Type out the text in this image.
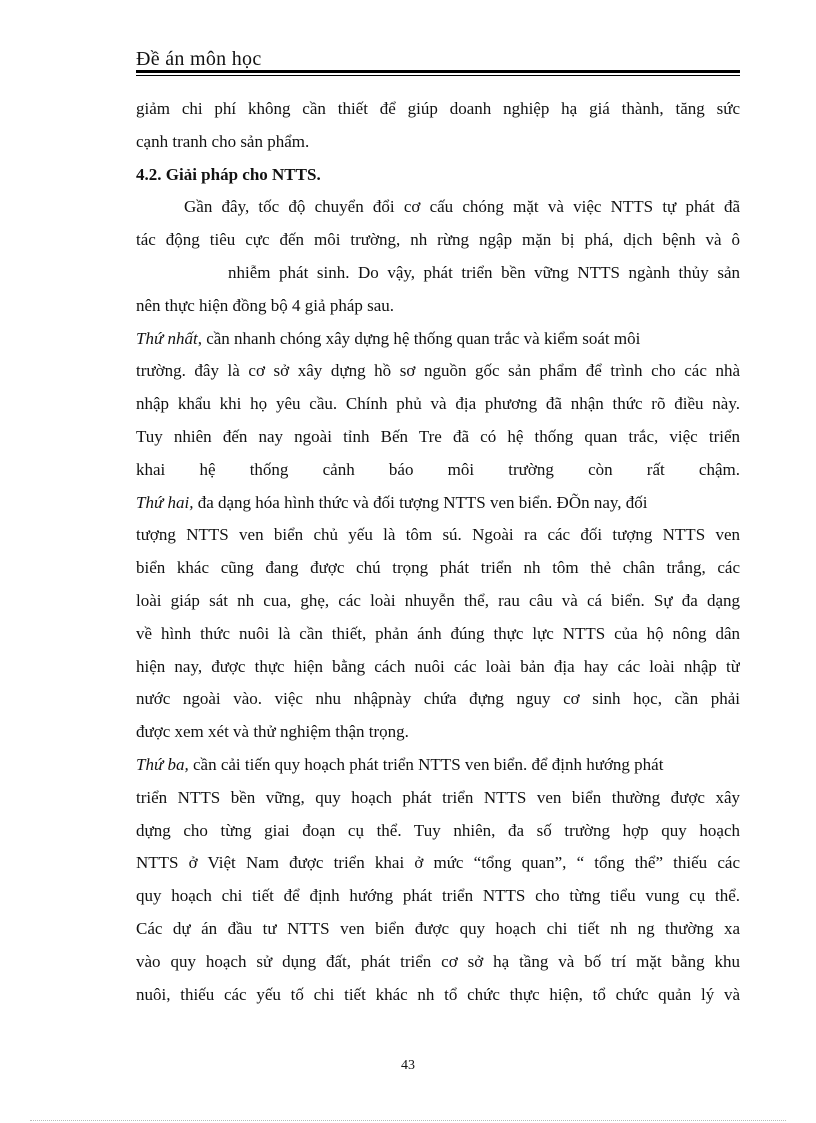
Đề án môn học
giảm chi phí không cần thiết để giúp doanh nghiệp hạ giá thành, tăng sức
cạnh tranh cho sản phẩm.
4.2. Giải pháp cho NTTS.
Gần đây, tốc độ chuyển đổi cơ cấu chóng mặt và việc NTTS tự phát đã
tác động tiêu cực đến môi trường, nh rừng ngập mặn bị phá, dịch bệnh và ô
nhiễm phát sinh. Do vậy, phát triển bền vững NTTS ngành thủy sản
nên thực hiện đồng bộ 4 giả pháp sau.
Thứ nhất, cần nhanh chóng xây dựng hệ thống quan trắc và kiểm soát môi
trường. đây là cơ sở xây dựng hồ sơ nguồn gốc sản phẩm để trình cho các nhà
nhập khẩu khi họ yêu cầu. Chính phủ và địa phương đã nhận thức rõ điều này.
Tuy nhiên đến nay ngoài tỉnh Bến Tre đã có hệ thống quan trắc, việc triển
khai hệ thống cảnh báo môi trường còn rất chậm.
Thứ hai, đa dạng hóa hình thức và đối tượng NTTS ven biển. ĐÕn nay, đối
tượng NTTS ven biển chủ yếu là tôm sú. Ngoài ra các đối tượng NTTS ven
biển khác cũng đang được chú trọng phát triển nh tôm thẻ chân trắng, các
loài giáp sát nh cua, ghẹ, các loài nhuyễn thể, rau câu và cá biển. Sự đa dạng
về hình thức nuôi là cần thiết, phản ánh đúng thực lực NTTS của hộ nông dân
hiện nay, được thực hiện bằng cách nuôi các loài bản địa hay các loài nhập từ
nước ngoài vào. việc nhu nhậpnày chứa đựng nguy cơ sinh học, cần phải
được xem xét và thử nghiệm thận trọng.
Thứ ba, cần cải tiến quy hoạch phát triển NTTS ven biển. để định hướng phát
triển NTTS bền vững, quy hoạch phát triển NTTS ven biển thường được xây
dựng cho từng giai đoạn cụ thể. Tuy nhiên, đa số trường hợp quy hoạch
NTTS ở Việt Nam được triển khai ở mức “tổng quan”, “ tổng thể” thiếu các
quy hoạch chi tiết để định hướng phát triển NTTS cho từng tiểu vung cụ thể.
Các dự án đầu tư NTTS ven biển được quy hoạch chi tiết nh ng thường xa
vào quy hoạch sử dụng đất, phát triển cơ sở hạ tầng và bố trí mặt bằng khu
nuôi, thiếu các yếu tố chi tiết khác nh tổ chức thực hiện, tổ chức quản lý và
43
